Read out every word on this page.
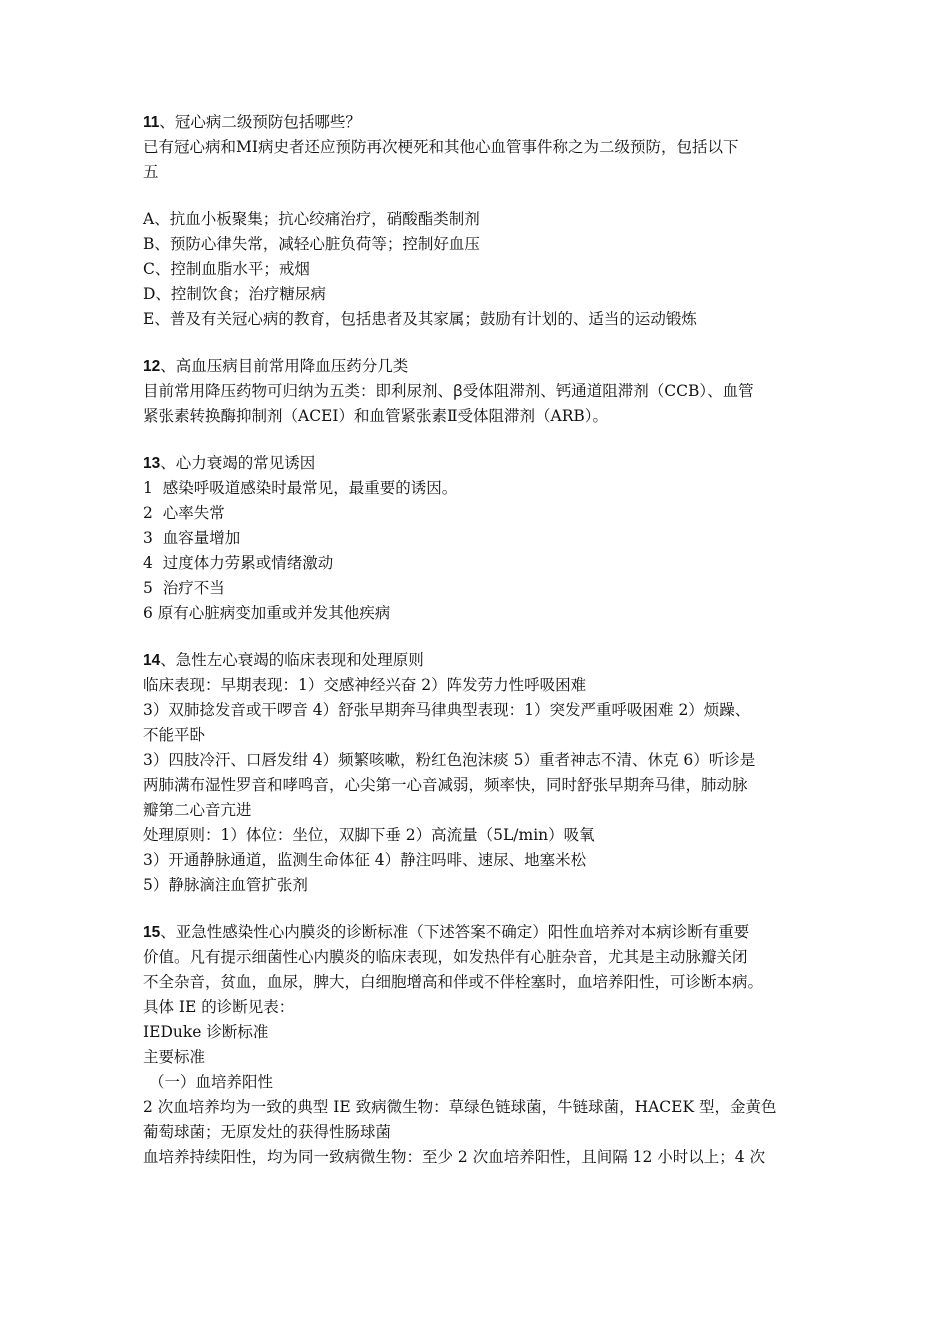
11、冠心病二级预防包括哪些？
已有冠心病和MI病史者还应预防再次梗死和其他心血管事件称之为二级预防，包括以下
五
A、抗血小板聚集；抗心绞痛治疗，硝酸酯类制剂
B、预防心律失常，减轻心脏负荷等；控制好血压
C、控制血脂水平；戒烟
D、控制饮食；治疗糖尿病
E、普及有关冠心病的教育，包括患者及其家属；鼓励有计划的、适当的运动锻炼
12、高血压病目前常用降血压药分几类
目前常用降压药物可归纳为五类：即利尿剂、ꞵ受体阻滞剂、钙通道阻滞剂（CCB）、血管
紧张素转换酶抑制剂（ACEI）和血管紧张素Ⅱ受体阻滞剂（ARB）。
13、心力衰竭的常见诱因
1  感染呼吸道感染时最常见，最重要的诱因。
2  心率失常
3  血容量增加
4  过度体力劳累或情绪激动
5  治疗不当
6 原有心脏病变加重或并发其他疾病
14、急性左心衰竭的临床表现和处理原则
临床表现：早期表现：1）交感神经兴奋 2）阵发劳力性呼吸困难
3）双肺捻发音或干啰音 4）舒张早期奔马律典型表现：1）突发严重呼吸困难 2）烦躁、
不能平卧
3）四肢冷汗、口唇发绀 4）频繁咳嗽，粉红色泡沫痰 5）重者神志不清、休克 6）听诊是
两肺满布湿性罗音和哮鸣音，心尖第一心音减弱，频率快，同时舒张早期奔马律，肺动脉
瓣第二心音亢进
处理原则：1）体位：坐位，双脚下垂 2）高流量（5L/min）吸氧
3）开通静脉通道，监测生命体征 4）静注吗啡、速尿、地塞米松
5）静脉滴注血管扩张剂
15、亚急性感染性心内膜炎的诊断标准（下述答案不确定）阳性血培养对本病诊断有重要
价值。凡有提示细菌性心内膜炎的临床表现，如发热伴有心脏杂音，尤其是主动脉瓣关闭
不全杂音，贫血，血尿，脾大，白细胞增高和伴或不伴栓塞时，血培养阳性，可诊断本病。
具体 IE 的诊断见表：
IEDuke 诊断标准
主要标准
（一）血培养阳性
2 次血培养均为一致的典型 IE 致病微生物：草绿色链球菌，牛链球菌，HACEK 型，金黄色
葡萄球菌；无原发灶的获得性肠球菌
血培养持续阳性，均为同一致病微生物：至少 2 次血培养阳性，且间隔 12 小时以上；4 次
